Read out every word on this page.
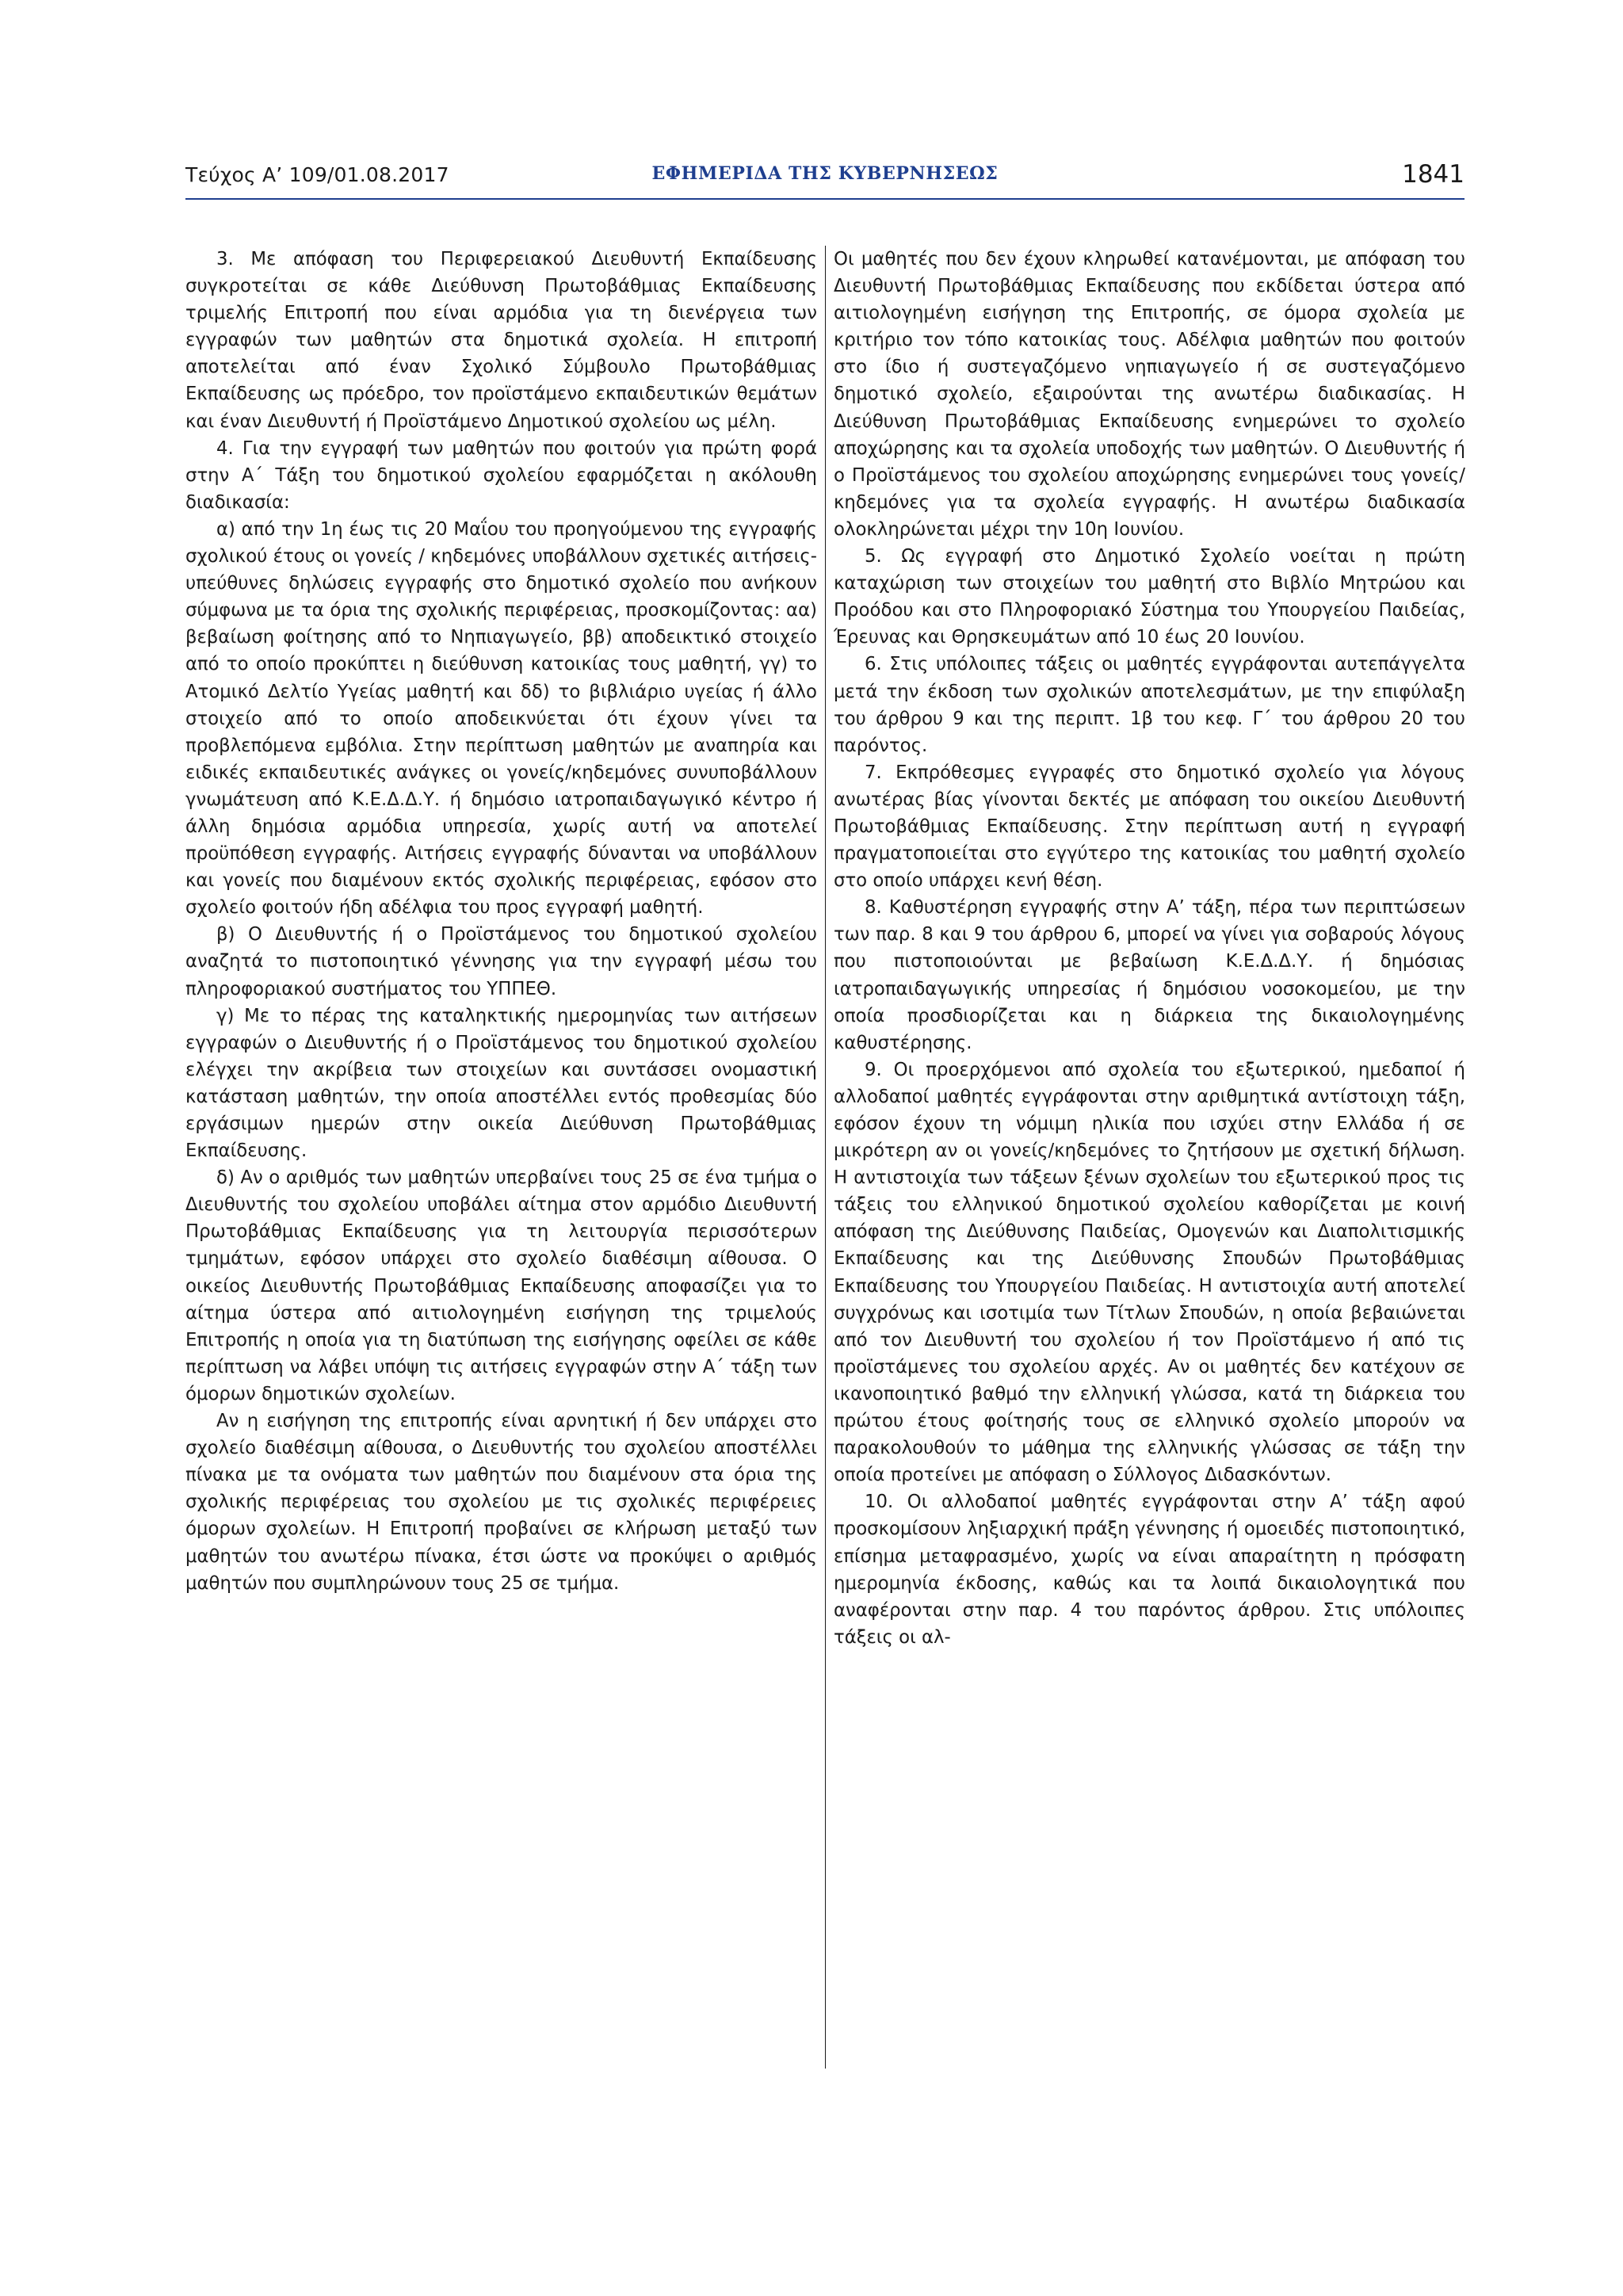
Τεύχος Α’ 109/01.08.2017	ΕΦΗΜΕΡΙΔΑ ΤΗΣ ΚΥΒΕΡΝΗΣΕΩΣ	1841

3. Με απόφαση του Περιφερειακού Διευθυντή Εκπαίδευσης συγκροτείται σε κάθε Διεύθυνση Πρωτοβάθμιας Εκπαίδευσης τριμελής Επιτροπή που είναι αρμόδια για τη διενέργεια των εγγραφών των μαθητών στα δημοτικά σχολεία. Η επιτροπή αποτελείται από έναν Σχολικό Σύμβουλο Πρωτοβάθμιας Εκπαίδευσης ως πρόεδρο, τον προϊστάμενο εκπαιδευτικών θεμάτων και έναν Διευθυντή ή Προϊστάμενο Δημοτικού σχολείου ως μέλη.

4. Για την εγγραφή των μαθητών που φοιτούν για πρώτη φορά στην Α΄ Τάξη του δημοτικού σχολείου εφαρμόζεται η ακόλουθη διαδικασία:

α) από την 1η έως τις 20 Μαΐου του προηγούμενου της εγγραφής σχολικού έτους οι γονείς / κηδεμόνες υποβάλλουν σχετικές αιτήσεις-υπεύθυνες δηλώσεις εγγραφής στο δημοτικό σχολείο που ανήκουν σύμφωνα με τα όρια της σχολικής περιφέρειας, προσκομίζοντας: αα) βεβαίωση φοίτησης από το Νηπιαγωγείο, ββ) αποδεικτικό στοιχείο από το οποίο προκύπτει η διεύθυνση κατοικίας τους μαθητή, γγ) το Ατομικό Δελτίο Υγείας μαθητή και δδ) το βιβλιάριο υγείας ή άλλο στοιχείο από το οποίο αποδεικνύεται ότι έχουν γίνει τα προβλεπόμενα εμβόλια. Στην περίπτωση μαθητών με αναπηρία και ειδικές εκπαιδευτικές ανάγκες οι γονείς/κηδεμόνες συνυποβάλλουν γνωμάτευση από Κ.Ε.Δ.Δ.Υ. ή δημόσιο ιατροπαιδαγωγικό κέντρο ή άλλη δημόσια αρμόδια υπηρεσία, χωρίς αυτή να αποτελεί προϋπόθεση εγγραφής. Αιτήσεις εγγραφής δύνανται να υποβάλλουν και γονείς που διαμένουν εκτός σχολικής περιφέρειας, εφόσον στο σχολείο φοιτούν ήδη αδέλφια του προς εγγραφή μαθητή.

β) Ο Διευθυντής ή ο Προϊστάμενος του δημοτικού σχολείου αναζητά το πιστοποιητικό γέννησης για την εγγραφή μέσω του πληροφοριακού συστήματος του ΥΠΠΕΘ.

γ) Με το πέρας της καταληκτικής ημερομηνίας των αιτήσεων εγγραφών ο Διευθυντής ή ο Προϊστάμενος του δημοτικού σχολείου ελέγχει την ακρίβεια των στοιχείων και συντάσσει ονομαστική κατάσταση μαθητών, την οποία αποστέλλει εντός προθεσμίας δύο εργάσιμων ημερών στην οικεία Διεύθυνση Πρωτοβάθμιας Εκπαίδευσης.

δ) Αν ο αριθμός των μαθητών υπερβαίνει τους 25 σε ένα τμήμα ο Διευθυντής του σχολείου υποβάλει αίτημα στον αρμόδιο Διευθυντή Πρωτοβάθμιας Εκπαίδευσης για τη λειτουργία περισσότερων τμημάτων, εφόσον υπάρχει στο σχολείο διαθέσιμη αίθουσα. Ο οικείος Διευθυντής Πρωτοβάθμιας Εκπαίδευσης αποφασίζει για το αίτημα ύστερα από αιτιολογημένη εισήγηση της τριμελούς Επιτροπής η οποία για τη διατύπωση της εισήγησης οφείλει σε κάθε περίπτωση να λάβει υπόψη τις αιτήσεις εγγραφών στην Α΄ τάξη των όμορων δημοτικών σχολείων.

Αν η εισήγηση της επιτροπής είναι αρνητική ή δεν υπάρχει στο σχολείο διαθέσιμη αίθουσα, ο Διευθυντής του σχολείου αποστέλλει πίνακα με τα ονόματα των μαθητών που διαμένουν στα όρια της σχολικής περιφέρειας του σχολείου με τις σχολικές περιφέρειες όμορων σχολείων. Η Επιτροπή προβαίνει σε κλήρωση μεταξύ των μαθητών του ανωτέρω πίνακα, έτσι ώστε να προκύψει ο αριθμός μαθητών που συμπληρώνουν τους 25 σε τμήμα.

Οι μαθητές που δεν έχουν κληρωθεί κατανέμονται, με απόφαση του Διευθυντή Πρωτοβάθμιας Εκπαίδευσης που εκδίδεται ύστερα από αιτιολογημένη εισήγηση της Επιτροπής, σε όμορα σχολεία με κριτήριο τον τόπο κατοικίας τους. Αδέλφια μαθητών που φοιτούν στο ίδιο ή συστεγαζόμενο νηπιαγωγείο ή σε συστεγαζόμενο δημοτικό σχολείο, εξαιρούνται της ανωτέρω διαδικασίας. Η Διεύθυνση Πρωτοβάθμιας Εκπαίδευσης ενημερώνει το σχολείο αποχώρησης και τα σχολεία υποδοχής των μαθητών. Ο Διευθυντής ή ο Προϊστάμενος του σχολείου αποχώρησης ενημερώνει τους γονείς/κηδεμόνες για τα σχολεία εγγραφής. Η ανωτέρω διαδικασία ολοκληρώνεται μέχρι την 10η Ιουνίου.

5. Ως εγγραφή στο Δημοτικό Σχολείο νοείται η πρώτη καταχώριση των στοιχείων του μαθητή στο Βιβλίο Μητρώου και Προόδου και στο Πληροφοριακό Σύστημα του Υπουργείου Παιδείας, Έρευνας και Θρησκευμάτων από 10 έως 20 Ιουνίου.

6. Στις υπόλοιπες τάξεις οι μαθητές εγγράφονται αυτεπάγγελτα μετά την έκδοση των σχολικών αποτελεσμάτων, με την επιφύλαξη του άρθρου 9 και της περιπτ. 1β του κεφ. Γ΄ του άρθρου 20 του παρόντος.

7. Εκπρόθεσμες εγγραφές στο δημοτικό σχολείο για λόγους ανωτέρας βίας γίνονται δεκτές με απόφαση του οικείου Διευθυντή Πρωτοβάθμιας Εκπαίδευσης. Στην περίπτωση αυτή η εγγραφή πραγματοποιείται στο εγγύτερο της κατοικίας του μαθητή σχολείο στο οποίο υπάρχει κενή θέση.

8. Καθυστέρηση εγγραφής στην Α’ τάξη, πέρα των περιπτώσεων των παρ. 8 και 9 του άρθρου 6, μπορεί να γίνει για σοβαρούς λόγους που πιστοποιούνται με βεβαίωση Κ.Ε.Δ.Δ.Υ. ή δημόσιας ιατροπαιδαγωγικής υπηρεσίας ή δημόσιου νοσοκομείου, με την οποία προσδιορίζεται και η διάρκεια της δικαιολογημένης καθυστέρησης.

9. Οι προερχόμενοι από σχολεία του εξωτερικού, ημεδαποί ή αλλοδαποί μαθητές εγγράφονται στην αριθμητικά αντίστοιχη τάξη, εφόσον έχουν τη νόμιμη ηλικία που ισχύει στην Ελλάδα ή σε μικρότερη αν οι γονείς/κηδεμόνες το ζητήσουν με σχετική δήλωση. Η αντιστοιχία των τάξεων ξένων σχολείων του εξωτερικού προς τις τάξεις του ελληνικού δημοτικού σχολείου καθορίζεται με κοινή απόφαση της Διεύθυνσης Παιδείας, Ομογενών και Διαπολιτισμικής Εκπαίδευσης και της Διεύθυνσης Σπουδών Πρωτοβάθμιας Εκπαίδευσης του Υπουργείου Παιδείας. Η αντιστοιχία αυτή αποτελεί συγχρόνως και ισοτιμία των Τίτλων Σπουδών, η οποία βεβαιώνεται από τον Διευθυντή του σχολείου ή τον Προϊστάμενο ή από τις προϊστάμενες του σχολείου αρχές. Αν οι μαθητές δεν κατέχουν σε ικανοποιητικό βαθμό την ελληνική γλώσσα, κατά τη διάρκεια του πρώτου έτους φοίτησής τους σε ελληνικό σχολείο μπορούν να παρακολουθούν το μάθημα της ελληνικής γλώσσας σε τάξη την οποία προτείνει με απόφαση ο Σύλλογος Διδασκόντων.

10. Οι αλλοδαποί μαθητές εγγράφονται στην Α’ τάξη αφού προσκομίσουν ληξιαρχική πράξη γέννησης ή ομοειδές πιστοποιητικό, επίσημα μεταφρασμένο, χωρίς να είναι απαραίτητη η πρόσφατη ημερομηνία έκδοσης, καθώς και τα λοιπά δικαιολογητικά που αναφέρονται στην παρ. 4 του παρόντος άρθρου. Στις υπόλοιπες τάξεις οι αλ-
